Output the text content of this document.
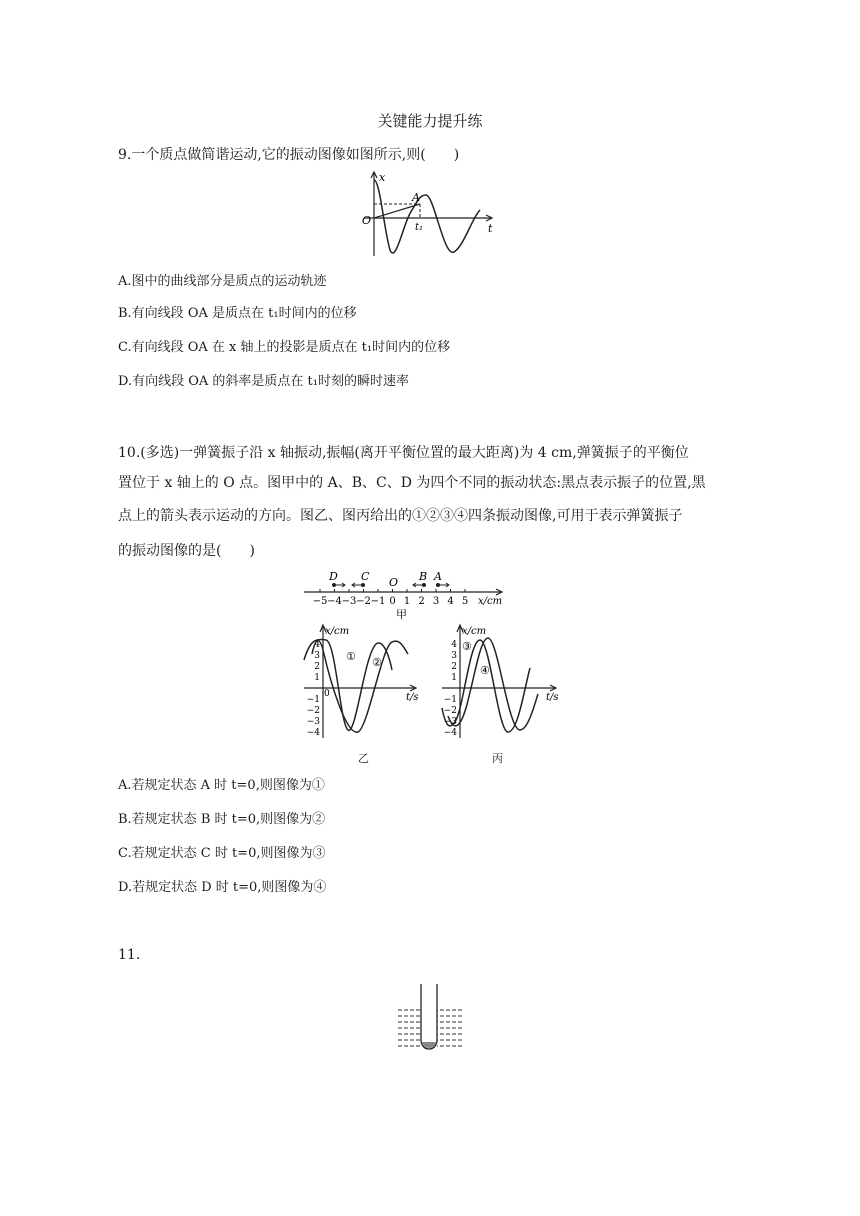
关键能力提升练
9.一个质点做简谐运动,它的振动图像如图所示,则(　　)
x
t
O
A
t₁
A.图中的曲线部分是质点的运动轨迹
B.有向线段 OA 是质点在 t₁时间内的位移
C.有向线段 OA 在 x 轴上的投影是质点在 t₁时间内的位移
D.有向线段 OA 的斜率是质点在 t₁时刻的瞬时速率
10.(多选)一弹簧振子沿 x 轴振动,振幅(离开平衡位置的最大距离)为 4 cm,弹簧振子的平衡位
置位于 x 轴上的 O 点。图甲中的 A、B、C、D 为四个不同的振动状态:黑点表示振子的位置,黑
点上的箭头表示运动的方向。图乙、图丙给出的①②③④四条振动图像,可用于表示弹簧振子
的振动图像的是(　　)
−5 −4 −3 −2 −1 0 1 2 3 4 5
D C O B A
x/cm
甲
4
3
2
1
−1
−2
−3
−4
x/cm
t/s
① ②
0
乙
4
3
2
1
−1
−2
−3
−4
x/cm
t/s
③
④
丙
A.若规定状态 A 时 t=0,则图像为①
B.若规定状态 B 时 t=0,则图像为②
C.若规定状态 C 时 t=0,则图像为③
D.若规定状态 D 时 t=0,则图像为④
11.
